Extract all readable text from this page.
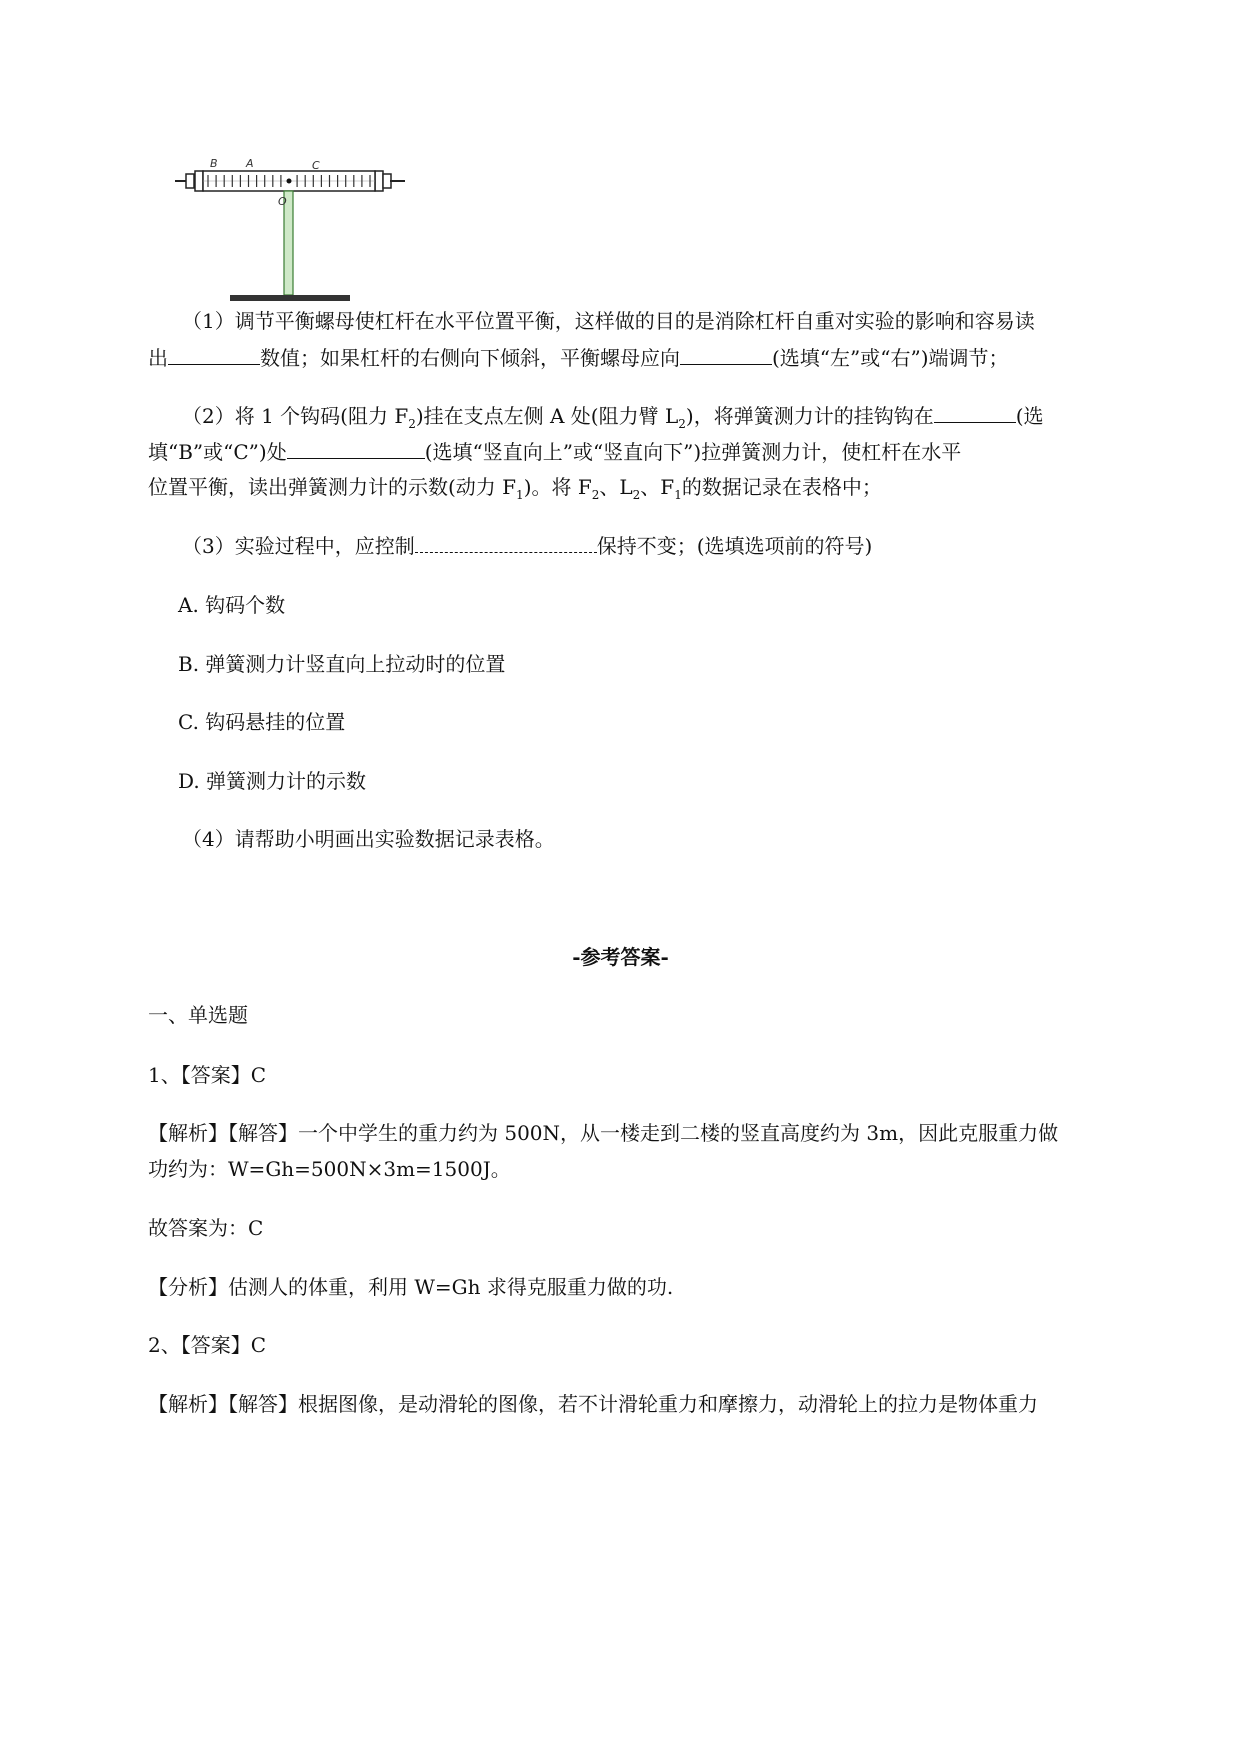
B	A	C
O
（1）调节平衡螺母使杠杆在水平位置平衡，这样做的目的是消除杠杆自重对实验的影响和容易读
出	数值；如果杠杆的右侧向下倾斜，平衡螺母应向	(选填“左”或“右”)端调节；
（2）将 1 个钩码(阻力 $F_2$)挂在支点左侧 A 处(阻力臂 $L_2$)，将弹簧测力计的挂钩钩在	(选
填“B”或“C”)处	(选填“竖直向上”或“竖直向下”)拉弹簧测力计，使杠杆在水平
位置平衡，读出弹簧测力计的示数(动力 $F_1$)。将 $F_2$、$L_2$、$F_1$的数据记录在表格中；
（3）实验过程中，应控制	保持不变；(选填选项前的符号)
A. 钩码个数
B. 弹簧测力计竖直向上拉动时的位置
C. 钩码悬挂的位置
D. 弹簧测力计的示数
（4）请帮助小明画出实验数据记录表格。
-参考答案-
一、单选题
1、【答案】C
【解析】【解答】一个中学生的重力约为 500N，从一楼走到二楼的竖直高度约为 3m，因此克服重力做
功约为：W=Gh=500N×3m=1500J。
故答案为：C
【分析】估测人的体重，利用 W=Gh 求得克服重力做的功.
2、【答案】C
【解析】【解答】根据图像，是动滑轮的图像，若不计滑轮重力和摩擦力，动滑轮上的拉力是物体重力
